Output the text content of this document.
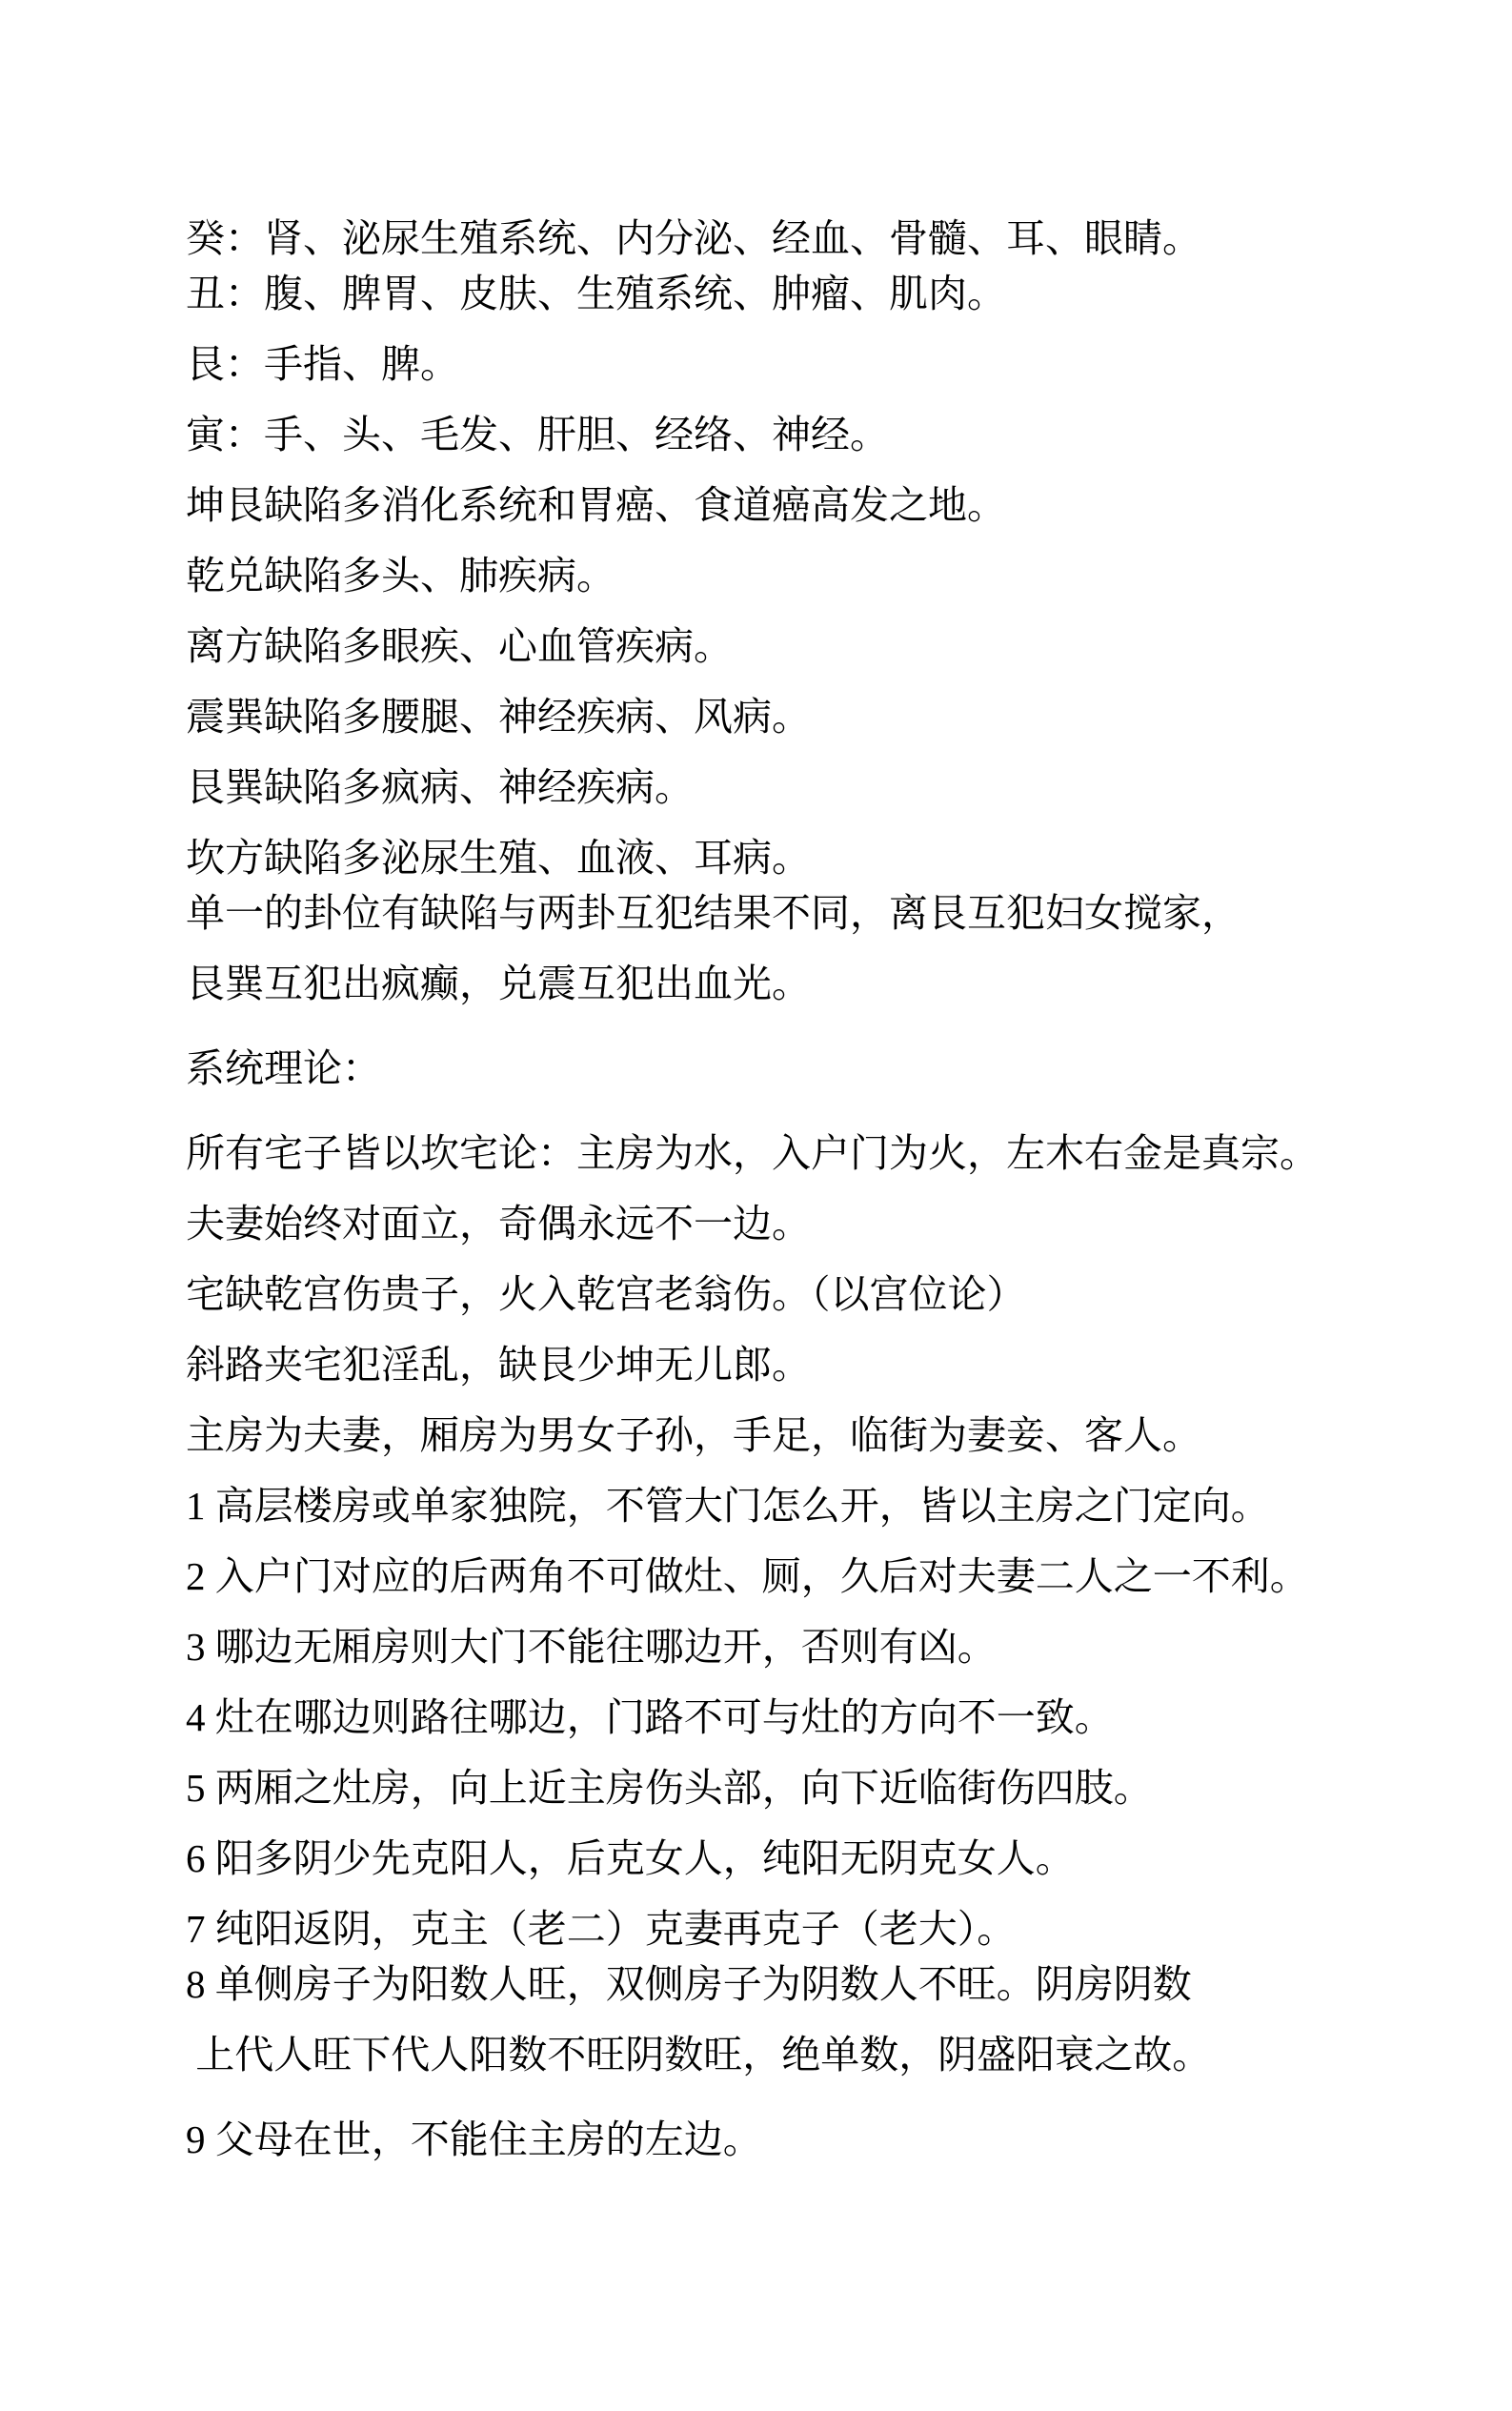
癸：肾、泌尿生殖系统、内分泌、经血、骨髓、耳、眼睛。
丑：腹、脾胃、皮肤、生殖系统、肿瘤、肌肉。
艮：手指、脾。
寅：手、头、毛发、肝胆、经络、神经。
坤艮缺陷多消化系统和胃癌、食道癌高发之地。
乾兑缺陷多头、肺疾病。
离方缺陷多眼疾、心血管疾病。
震巽缺陷多腰腿、神经疾病、风病。
艮巽缺陷多疯病、神经疾病。
坎方缺陷多泌尿生殖、血液、耳病。
单一的卦位有缺陷与两卦互犯结果不同，离艮互犯妇女搅家，
艮巽互犯出疯癫，兑震互犯出血光。
系统理论：
所有宅子皆以坎宅论：主房为水，入户门为火，左木右金是真宗。
夫妻始终对面立，奇偶永远不一边。
宅缺乾宫伤贵子，火入乾宫老翁伤。（以宫位论）
斜路夹宅犯淫乱，缺艮少坤无儿郎。
主房为夫妻，厢房为男女子孙，手足，临街为妻妾、客人。
1 高层楼房或单家独院，不管大门怎么开，皆以主房之门定向。
2 入户门对应的后两角不可做灶、厕，久后对夫妻二人之一不利。
3 哪边无厢房则大门不能往哪边开，否则有凶。
4 灶在哪边则路往哪边，门路不可与灶的方向不一致。
5 两厢之灶房，向上近主房伤头部，向下近临街伤四肢。
6 阳多阴少先克阳人，后克女人，纯阳无阴克女人。
7 纯阳返阴，克主（老二）克妻再克子（老大）。
8 单侧房子为阳数人旺，双侧房子为阴数人不旺。阴房阴数
上代人旺下代人阳数不旺阴数旺，绝单数，阴盛阳衰之故。
9 父母在世，不能住主房的左边。
